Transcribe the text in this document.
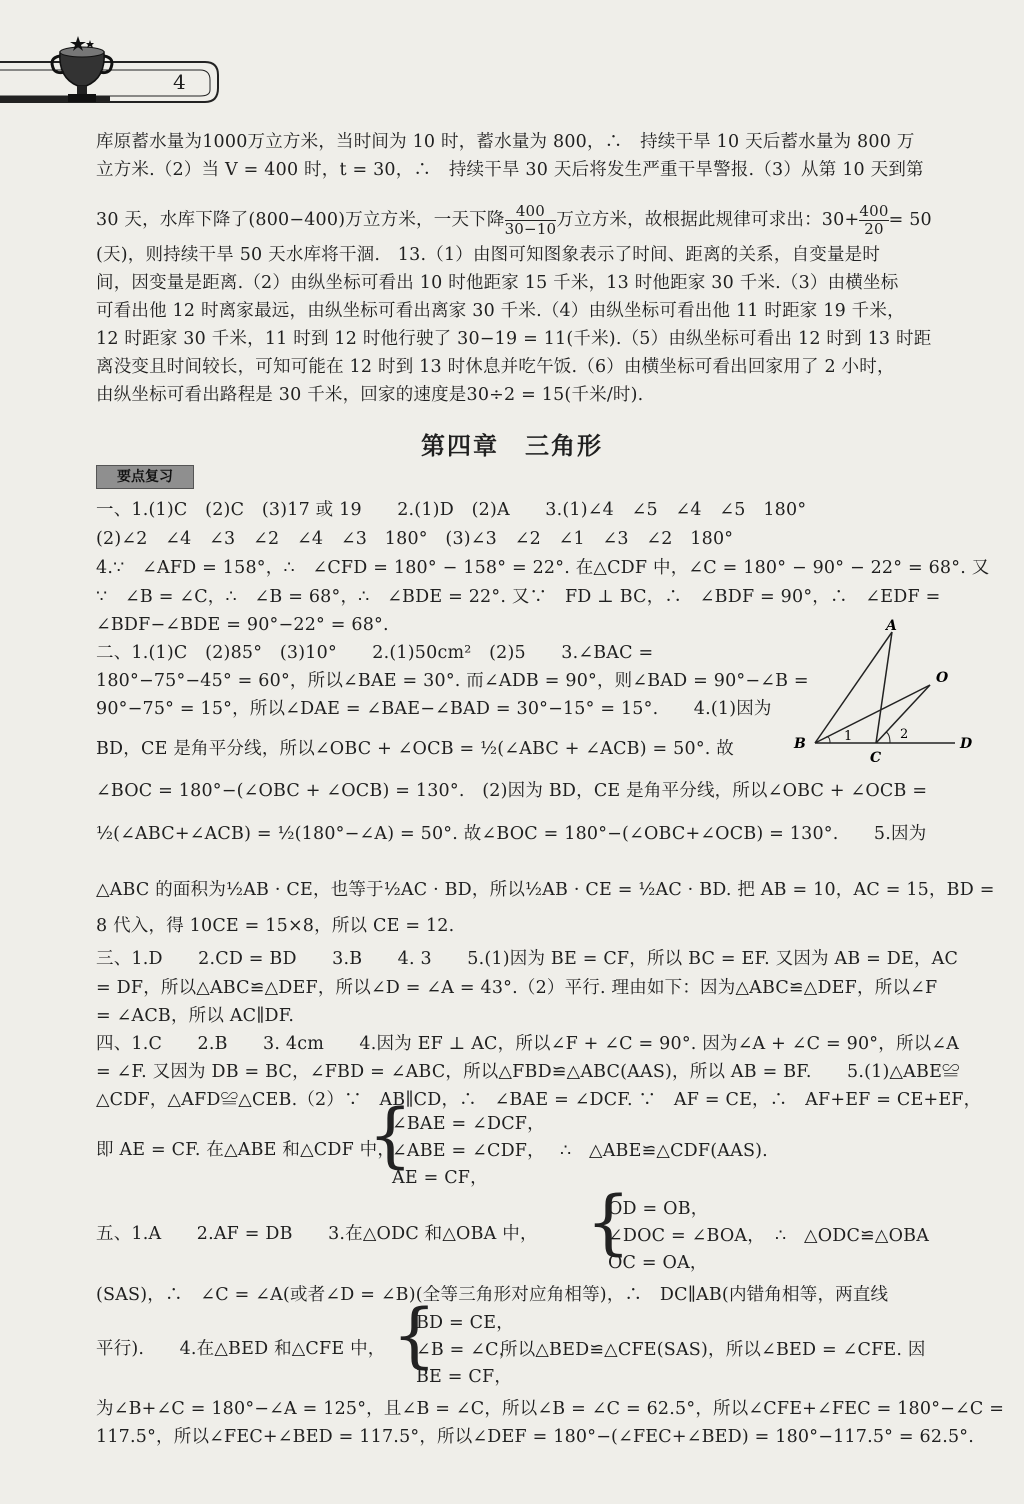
4
库原蓄水量为1000万立方米，当时间为 10 时，蓄水量为 800，∴　持续干旱 10 天后蓄水量为 800 万
立方米.（2）当 V = 400 时，t = 30，∴　持续干旱 30 天后将发生严重干旱警报.（3）从第 10 天到第
30 天，水库下降了(800−400)万立方米，一天下降 $\frac{400}{30-10}$ 万立方米，故根据此规律可求出：$30+ \frac{400}{20} = 50$
(天)，则持续干旱 50 天水库将干涸.　13.（1）由图可知图象表示了时间、距离的关系，自变量是时
间，因变量是距离.（2）由纵坐标可看出 10 时他距家 15 千米，13 时他距家 30 千米.（3）由横坐标
可看出他 12 时离家最远，由纵坐标可看出离家 30 千米.（4）由纵坐标可看出他 11 时距家 19 千米，
12 时距家 30 千米，11 时到 12 时他行驶了 30−19 = 11(千米).（5）由纵坐标可看出 12 时到 13 时距
离没变且时间较长，可知可能在 12 时到 13 时休息并吃午饭.（6）由横坐标可看出回家用了 2 小时，
由纵坐标可看出路程是 30 千米，回家的速度是30÷2 = 15(千米/时).
第四章　三角形
要点复习
一、1.(1)C　(2)C　(3)17 或 19　　2.(1)D　(2)A　　3.(1)∠4　∠5　∠4　∠5　180°
(2)∠2　∠4　∠3　∠2　∠4　∠3　180°　(3)∠3　∠2　∠1　∠3　∠2　180°
4.∵　∠AFD = 158°，∴　∠CFD = 180° − 158° = 22°. 在△CDF 中，∠C = 180° − 90° − 22° = 68°. 又
∵　∠B = ∠C，∴　∠B = 68°，∴　∠BDE = 22°. 又∵　FD ⊥ BC，∴　∠BDF = 90°，∴　∠EDF =
∠BDF−∠BDE = 90°−22° = 68°.
二、1.(1)C　(2)85°　(3)10°　　2.(1)50cm²　(2)5　　3.∠BAC =
180°−75°−45° = 60°，所以∠BAE = 30°. 而∠ADB = 90°，则∠BAD = 90°−∠B =
90°−75° = 15°，所以∠DAE = ∠BAE−∠BAD = 30°−15° = 15°.　　4.(1)因为
BD，CE 是角平分线，所以∠OBC + ∠OCB = ½(∠ABC + ∠ACB) = 50°. 故
∠BOC = 180°−(∠OBC + ∠OCB) = 130°.　(2)因为 BD，CE 是角平分线，所以∠OBC + ∠OCB =
½(∠ABC+∠ACB) = ½(180°−∠A) = 50°. 故∠BOC = 180°−(∠OBC+∠OCB) = 130°.　　5.因为
△ABC 的面积为½AB · CE，也等于½AC · BD，所以½AB · CE = ½AC · BD. 把 AB = 10，AC = 15，BD =
8 代入，得 10CE = 15×8，所以 CE = 12.
三、1.D　　2.CD = BD　　3.B　　4. 3　　5.(1)因为 BE = CF，所以 BC = EF. 又因为 AB = DE，AC
= DF，所以△ABC≌△DEF，所以∠D = ∠A = 43°.（2）平行. 理由如下：因为△ABC≌△DEF，所以∠F
= ∠ACB，所以 AC∥DF.
四、1.C　　2.B　　3. 4cm　　4.因为 EF ⊥ AC，所以∠F + ∠C = 90°. 因为∠A + ∠C = 90°，所以∠A
= ∠F. 又因为 DB = BC，∠FBD = ∠ABC，所以△FBD≌△ABC(AAS)，所以 AB = BF.　　5.(1)△ABE≌
△CDF，△AFD≌△CEB.（2）∵　AB∥CD，∴　∠BAE = ∠DCF. ∵　AF = CE，∴　AF+EF = CE+EF，
即 AE = CF. 在△ABE 和△CDF 中，
{
∠BAE = ∠DCF，
∠ABE = ∠CDF，
AE = CF，
∴　△ABE≌△CDF(AAS).
五、1.A　　2.AF = DB　　3.在△ODC 和△OBA 中， {
OD = OB，
∠DOC = ∠BOA，
OC = OA，
∴　△ODC≌△OBA
(SAS)，∴　∠C = ∠A(或者∠D = ∠B)(全等三角形对应角相等)，∴　DC∥AB(内错角相等，两直线
平行).　　4.在△BED 和△CFE 中， {
BD = CE，
∠B = ∠C，
BE = CF，
所以△BED≌△CFE(SAS)，所以∠BED = ∠CFE. 因
为∠B+∠C = 180°−∠A = 125°，且∠B = ∠C，所以∠B = ∠C = 62.5°，所以∠CFE+∠FEC = 180°−∠C =
117.5°，所以∠FEC+∠BED = 117.5°，所以∠DEF = 180°−(∠FEC+∠BED) = 180°−117.5° = 62.5°.
A
O
B
C
D
1	2
